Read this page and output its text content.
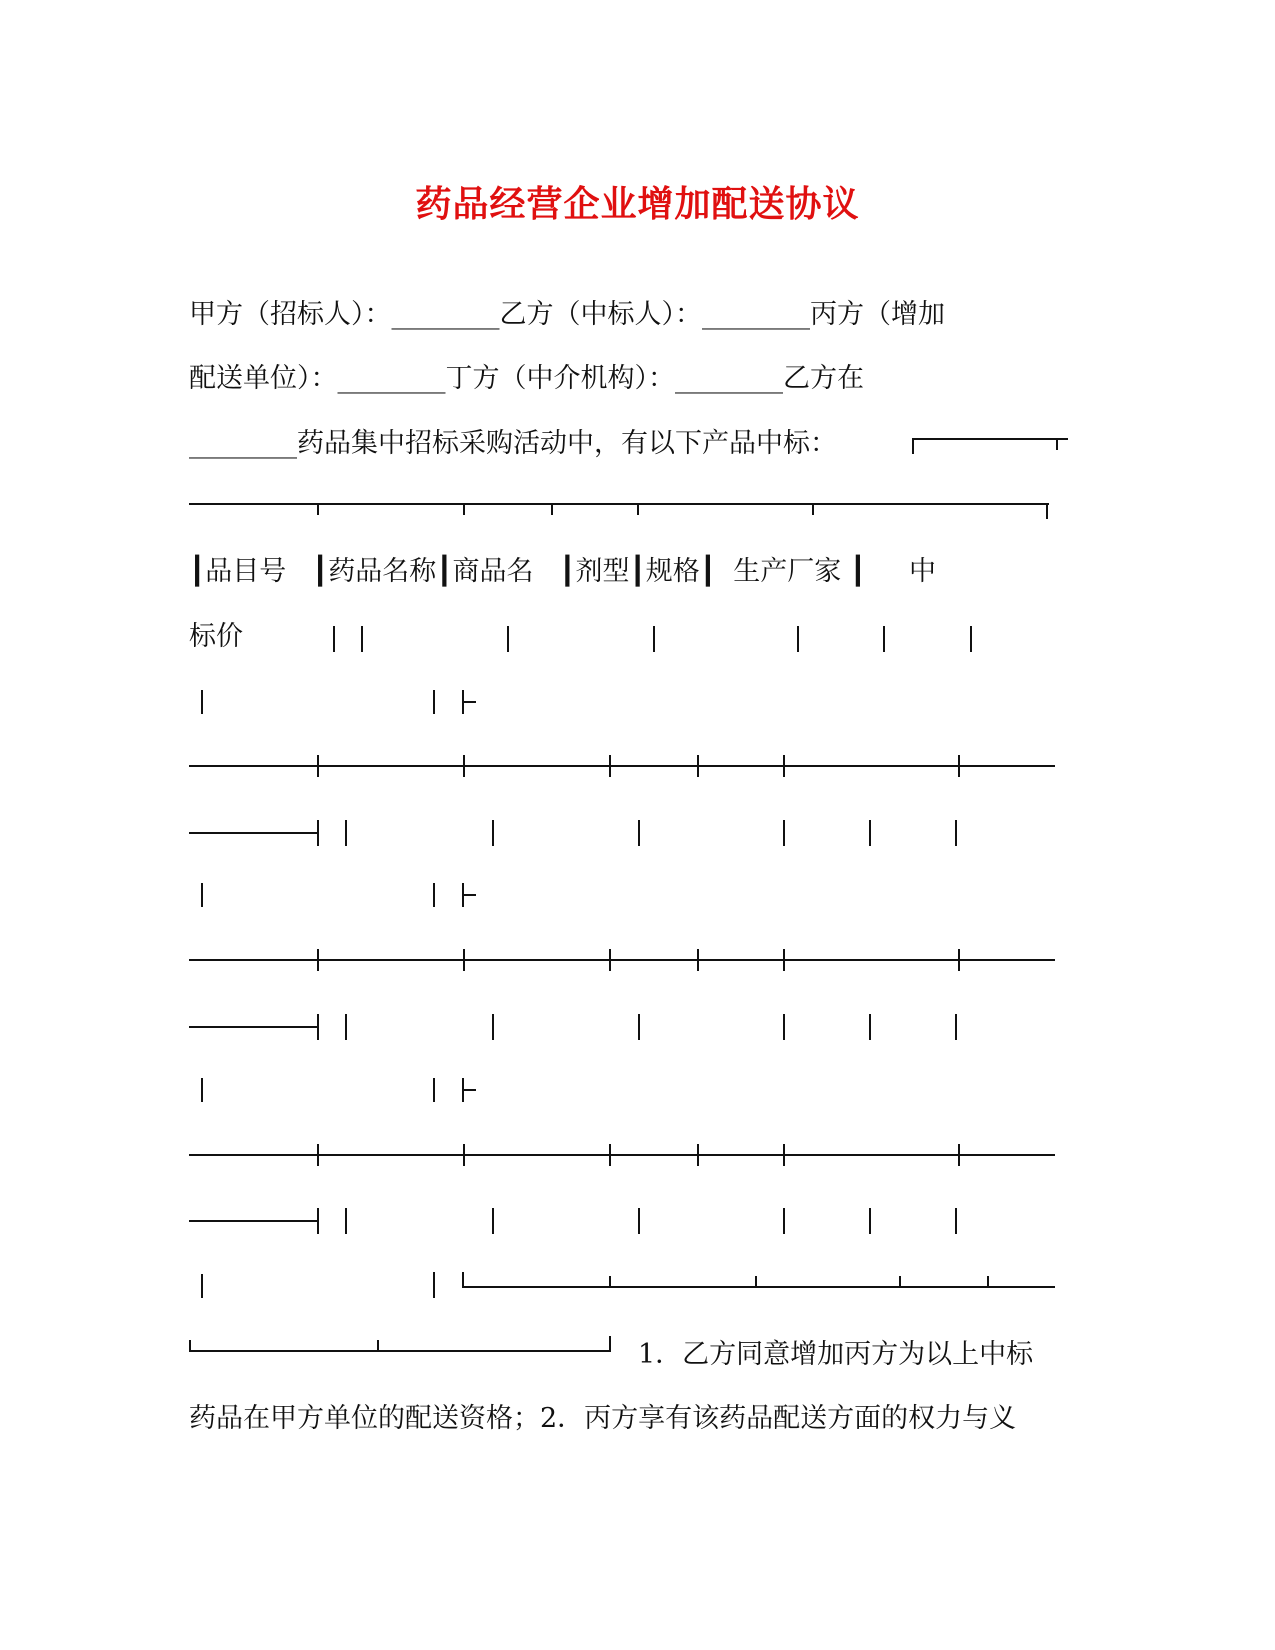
药品经营企业增加配送协议
甲方（招标人）：________乙方（中标人）：________丙方（增加
配送单位）：________丁方（中介机构）：________乙方在
________药品集中招标采购活动中，有以下产品中标：
┃品目号   ┃药品名称┃商品名   ┃剂型┃规格┃  生产厂家 ┃     中
标价
1．乙方同意增加丙方为以上中标
药品在甲方单位的配送资格；2．丙方享有该药品配送方面的权力与义
